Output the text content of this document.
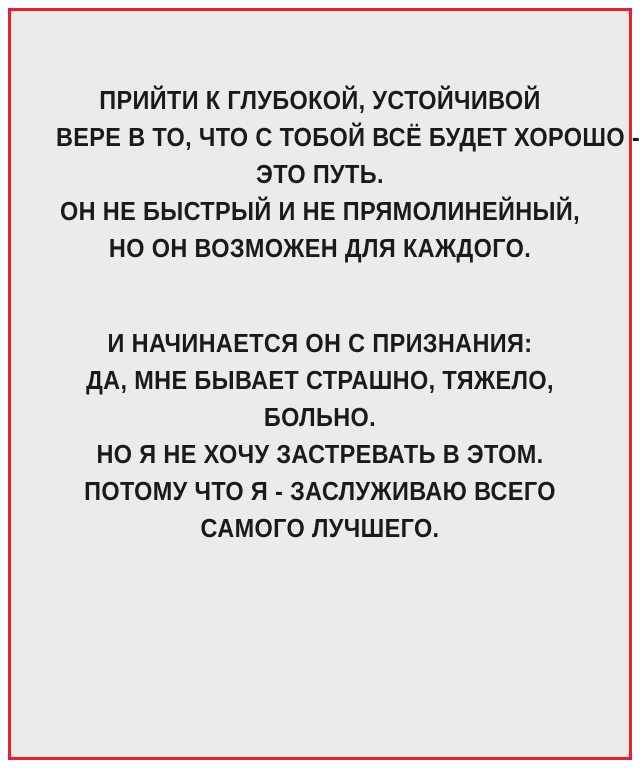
ПРИЙТИ К ГЛУБОКОЙ, УСТОЙЧИВОЙ
ВЕРЕ В ТО, ЧТО С ТОБОЙ ВСЁ БУДЕТ ХОРОШО -
ЭТО ПУТЬ.
ОН НЕ БЫСТРЫЙ И НЕ ПРЯМОЛИНЕЙНЫЙ,
НО ОН ВОЗМОЖЕН ДЛЯ КАЖДОГО.
И НАЧИНАЕТСЯ ОН С ПРИЗНАНИЯ:
ДА, МНЕ БЫВАЕТ СТРАШНО, ТЯЖЕЛО,
БОЛЬНО.
НО Я НЕ ХОЧУ ЗАСТРЕВАТЬ В ЭТОМ.
ПОТОМУ ЧТО Я - ЗАСЛУЖИВАЮ ВСЕГО
САМОГО ЛУЧШЕГО.
